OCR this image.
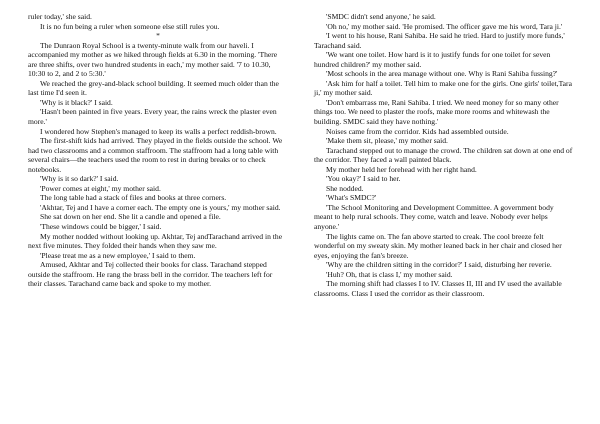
ruler today,' she said.

It is no fun being a ruler when someone else still rules you.

*

The Dunraon Royal School is a twenty-minute walk from our haveli. I accompanied my mother as we hiked through fields at 6.30 in the morning. 'There are three shifts, over two hundred students in each,' my mother said. '7 to 10.30, 10:30 to 2, and 2 to 5:30.'

We reached the grey-and-black school building. It seemed much older than the last time I'd seen it.

'Why is it black?' I said.

'Hasn't been painted in five years. Every year, the rains wreck the plaster even more.'

I wondered how Stephen's managed to keep its walls a perfect reddish-brown.

The first-shift kids had arrived. They played in the fields outside the school. We had two classrooms and a common staffroom. The staffroom had a long table with several chairs—the teachers used the room to rest in during breaks or to check notebooks.

'Why is it so dark?' I said.

'Power comes at eight,' my mother said.

The long table had a stack of files and books at three corners.

'Akhtar, Tej and I have a corner each. The empty one is yours,' my mother said.

She sat down on her end. She lit a candle and opened a file.

'These windows could be bigger,' I said.

My mother nodded without looking up. Akhtar, Tej andTarachand arrived in the next five minutes. They folded their hands when they saw me.

'Please treat me as a new employee,' I said to them.

Amused, Akhtar and Tej collected their books for class. Tarachand stepped outside the staffroom. He rang the brass bell in the corridor. The teachers left for their classes. Tarachand came back and spoke to my mother.

'SMDC didn't send anyone,' he said.

'Oh no,' my mother said. 'He promised. The officer gave me his word, Tara ji.'

'I went to his house, Rani Sahiba. He said he tried. Hard to justify more funds,' Tarachand said.

'We want one toilet. How hard is it to justify funds for one toilet for seven hundred children?' my mother said.

'Most schools in the area manage without one. Why is Rani Sahiba fussing?'

'Ask him for half a toilet. Tell him to make one for the girls. One girls' toilet,Tara ji,' my mother said.

'Don't embarrass me, Rani Sahiba. I tried. We need money for so many other things too. We need to plaster the roofs, make more rooms and whitewash the building. SMDC said they have nothing.'

Noises came from the corridor. Kids had assembled outside.

'Make them sit, please,' my mother said.

Tarachand stepped out to manage the crowd. The children sat down at one end of the corridor. They faced a wall painted black.

My mother held her forehead with her right hand.

'You okay?' I said to her.

She nodded.

'What's SMDC?'

'The School Monitoring and Development Committee. A government body meant to help rural schools. They come, watch and leave. Nobody ever helps anyone.'

The lights came on. The fan above started to creak. The cool breeze felt wonderful on my sweaty skin. My mother leaned back in her chair and closed her eyes, enjoying the fan's breeze.

'Why are the children sitting in the corridor?' I said, disturbing her reverie.

'Huh? Oh, that is class I,' my mother said.

The morning shift had classes I to IV. Classes II, III and IV used the available classrooms. Class I used the corridor as their classroom.
